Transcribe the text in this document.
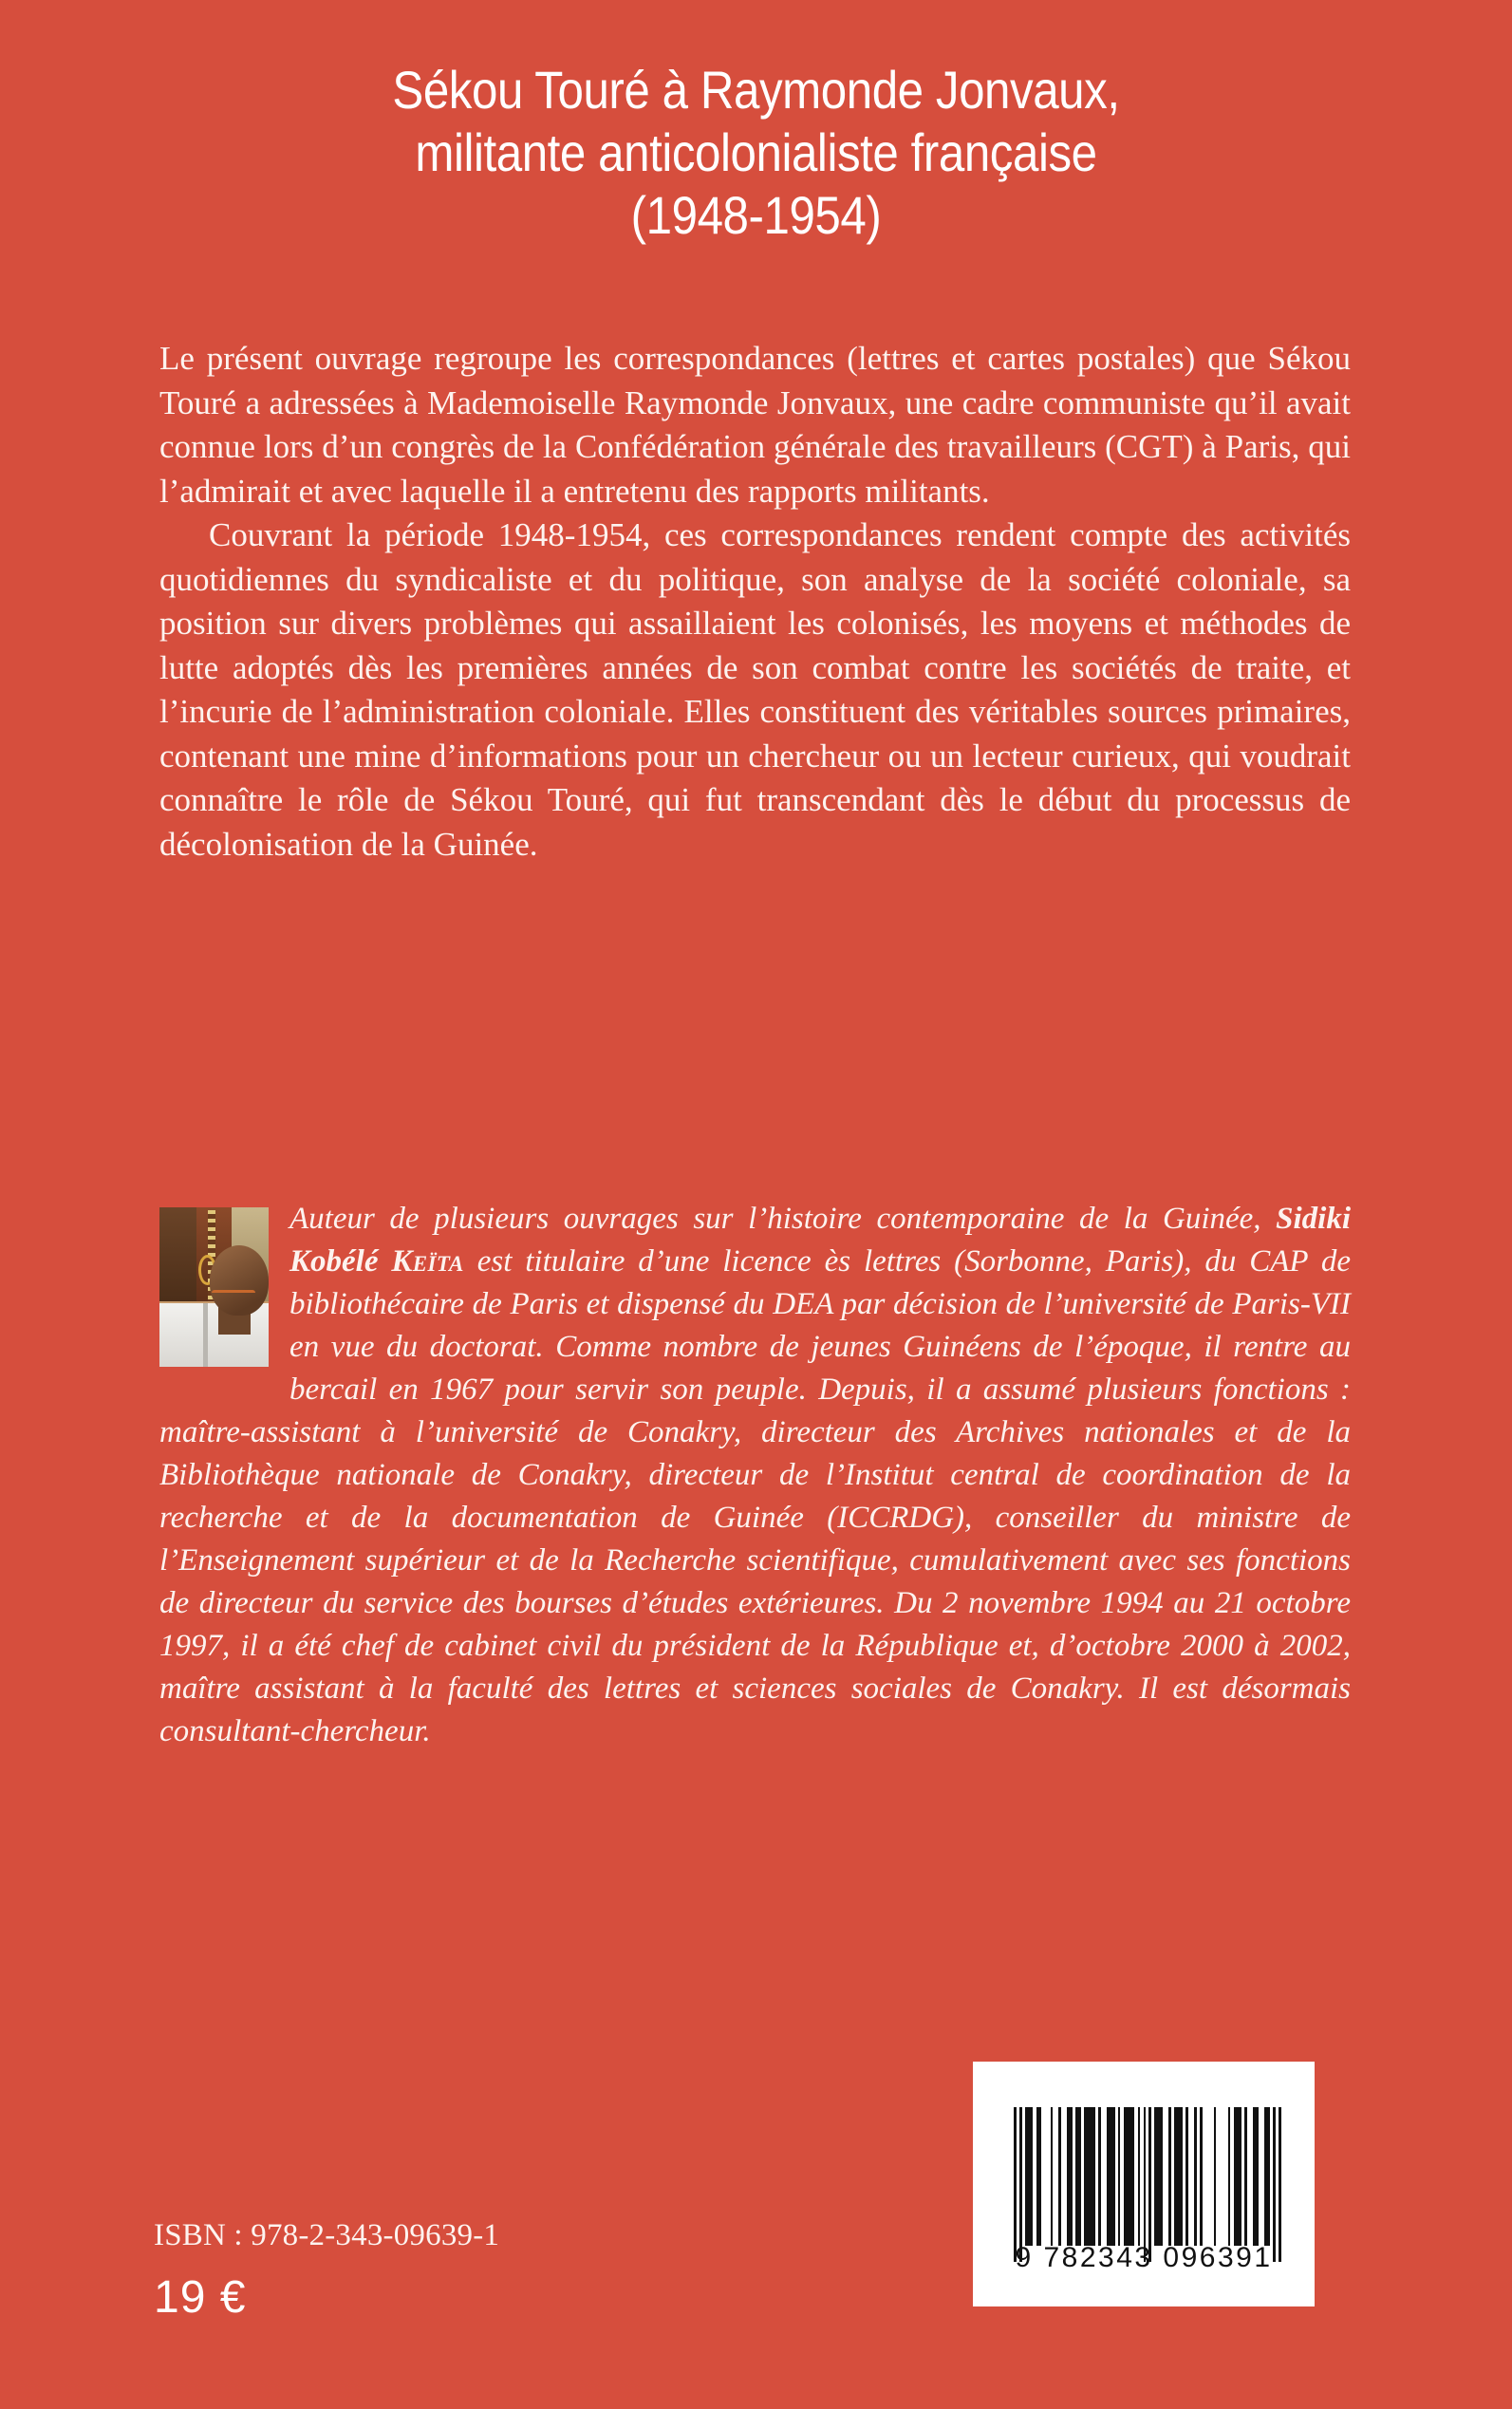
Sékou Touré à Raymonde Jonvaux,
militante anticolonialiste française
(1948-1954)

Le présent ouvrage regroupe les correspondances (lettres et cartes postales) que Sékou Touré a adressées à Mademoiselle Raymonde Jonvaux, une cadre communiste qu’il avait connue lors d’un congrès de la Confédération générale des travailleurs (CGT) à Paris, qui l’admirait et avec laquelle il a entretenu des rapports militants.

Couvrant la période 1948-1954, ces correspondances rendent compte des activités quotidiennes du syndicaliste et du politique, son analyse de la société coloniale, sa position sur divers problèmes qui assaillaient les colonisés, les moyens et méthodes de lutte adoptés dès les premières années de son combat contre les sociétés de traite, et l’incurie de l’administration coloniale. Elles constituent des véritables sources primaires, contenant une mine d’informations pour un chercheur ou un lecteur curieux, qui voudrait connaître le rôle de Sékou Touré, qui fut transcendant dès le début du processus de décolonisation de la Guinée.

Auteur de plusieurs ouvrages sur l’histoire contemporaine de la Guinée, Sidiki Kobélé Keïta est titulaire d’une licence ès lettres (Sorbonne, Paris), du CAP de bibliothécaire de Paris et dispensé du DEA par décision de l’université de Paris-VII en vue du doctorat. Comme nombre de jeunes Guinéens de l’époque, il rentre au bercail en 1967 pour servir son peuple. Depuis, il a assumé plusieurs fonctions : maître-assistant à l’université de Conakry, directeur des Archives nationales et de la Bibliothèque nationale de Conakry, directeur de l’Institut central de coordination de la recherche et de la documentation de Guinée (ICCRDG), conseiller du ministre de l’Enseignement supérieur et de la Recherche scientifique, cumulativement avec ses fonctions de directeur du service des bourses d’études extérieures. Du 2 novembre 1994 au 21 octobre 1997, il a été chef de cabinet civil du président de la République et, d’octobre 2000 à 2002, maître assistant à la faculté des lettres et sciences sociales de Conakry. Il est désormais consultant-chercheur.
ISBN : 978-2-343-09639-1
19 €
9 782343 096391
